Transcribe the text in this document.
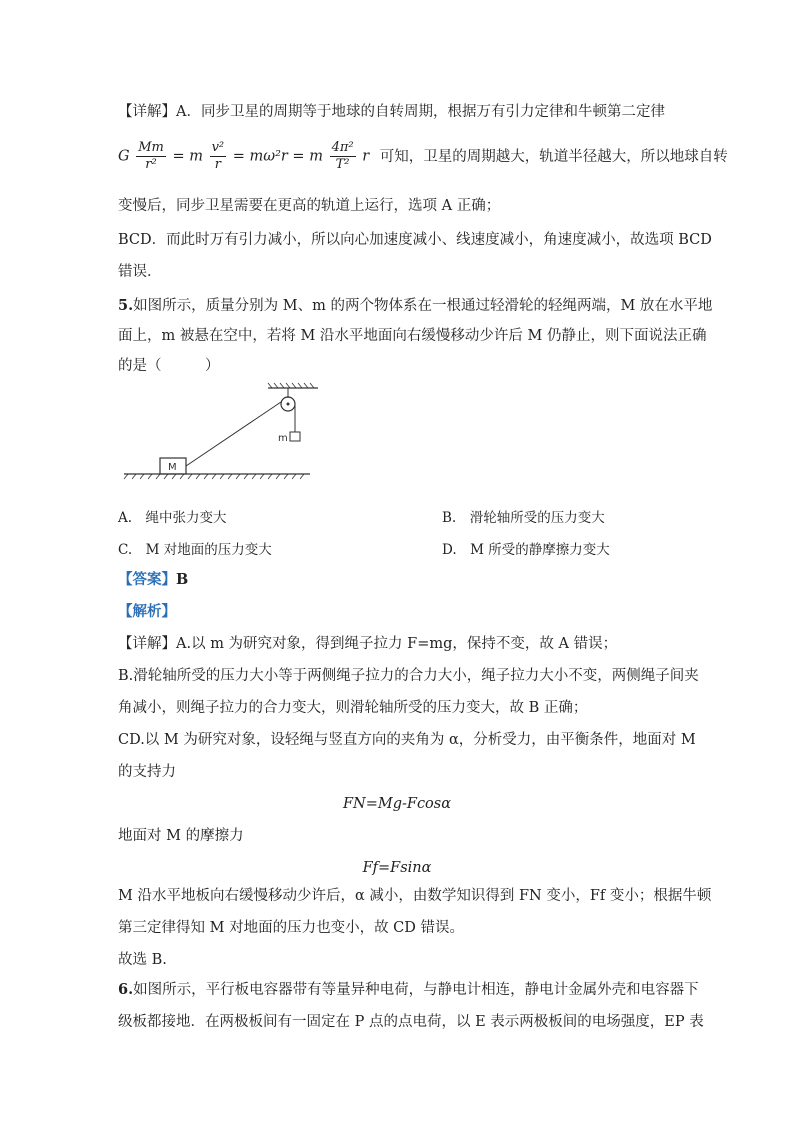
【详解】A．同步卫星的周期等于地球的自转周期，根据万有引力定律和牛顿第二定律
G $\frac{Mm}{\text{r²}} = m \frac{\text{v²}}{r} = m\omega^2r = m \frac{\text{4π²}}{\text{T²}}$ r 可知，卫星的周期越大，轨道半径越大，所以地球自转
变慢后，同步卫星需要在更高的轨道上运行，选项 A 正确；
BCD．而此时万有引力减小，所以向心加速度减小、线速度减小，角速度减小，故选项 BCD
错误．
5.如图所示，质量分别为 M、m 的两个物体系在一根通过轻滑轮的轻绳两端，M 放在水平地
面上，m 被悬在空中，若将 M 沿水平地面向右缓慢移动少许后 M 仍静止，则下面说法正确
的是（　　　）
m
M
A.　绳中张力变大	B.　滑轮轴所受的压力变大
C.　M 对地面的压力变大	D.　M 所受的静摩擦力变大
【答案】B
【解析】
【详解】A.以 m 为研究对象，得到绳子拉力 F=mg，保持不变，故 A 错误；
B.滑轮轴所受的压力大小等于两侧绳子拉力的合力大小，绳子拉力大小不变，两侧绳子间夹
角减小，则绳子拉力的合力变大，则滑轮轴所受的压力变大，故 B 正确；
CD.以 M 为研究对象，设轻绳与竖直方向的夹角为 α，分析受力，由平衡条件，地面对 M
的支持力
FN=Mg-Fcosα
地面对 M 的摩擦力
Ff=Fsinα
M 沿水平地板向右缓慢移动少许后，α 减小，由数学知识得到 FN 变小，Ff 变小；根据牛顿
第三定律得知 M 对地面的压力也变小，故 CD 错误。
故选 B.
6.如图所示，平行板电容器带有等量异种电荷，与静电计相连，静电计金属外壳和电容器下
级板都接地．在两极板间有一固定在 P 点的点电荷，以 E 表示两极板间的电场强度，EP 表
